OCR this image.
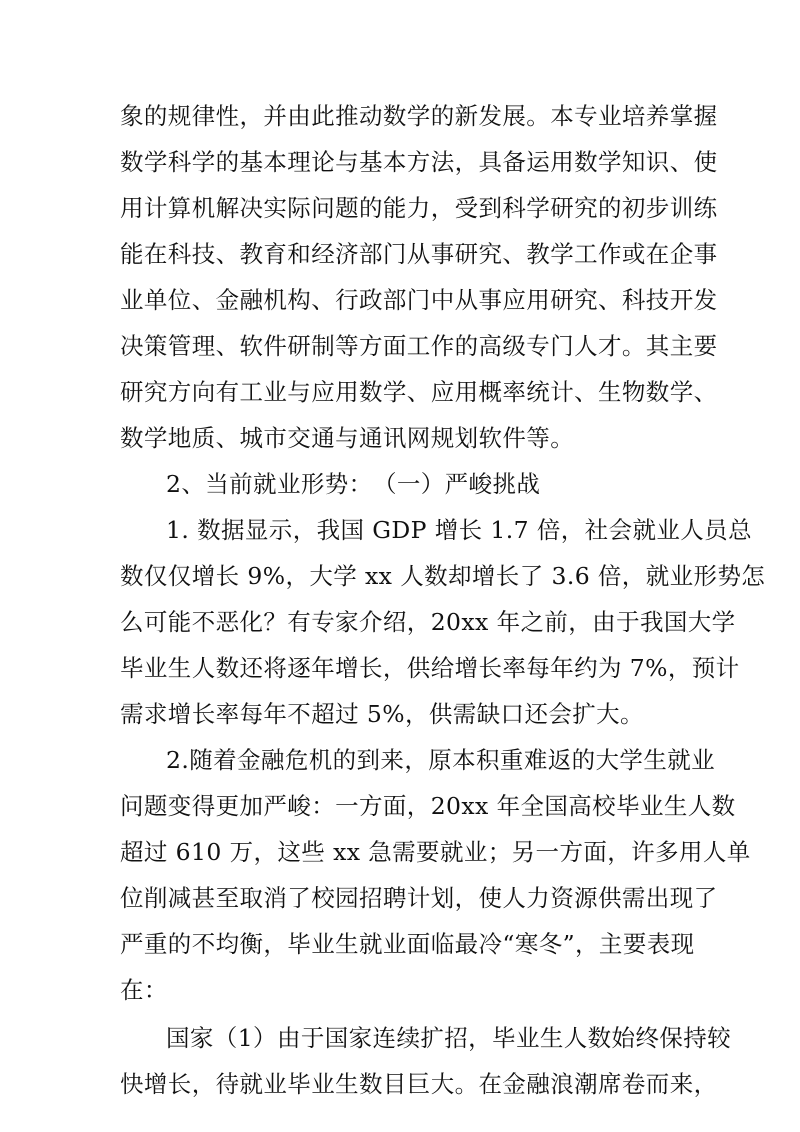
象的规律性，并由此推动数学的新发展。本专业培养掌握
数学科学的基本理论与基本方法，具备运用数学知识、使
用计算机解决实际问题的能力，受到科学研究的初步训练
能在科技、教育和经济部门从事研究、教学工作或在企事
业单位、金融机构、行政部门中从事应用研究、科技开发
决策管理、软件研制等方面工作的高级专门人才。其主要
研究方向有工业与应用数学、应用概率统计、生物数学、
数学地质、城市交通与通讯网规划软件等。
2、当前就业形势：　（一）严峻挑战
1. 数据显示，我国 GDP 增长 1.7 倍，社会就业人员总
数仅仅增长 9%，大学 xx 人数却增长了 3.6 倍，就业形势怎
么可能不恶化？有专家介绍，20xx 年之前，由于我国大学
毕业生人数还将逐年增长，供给增长率每年约为 7%，预计
需求增长率每年不超过 5%，供需缺口还会扩大。
2.随着金融危机的到来，原本积重难返的大学生就业
问题变得更加严峻：一方面，20xx 年全国高校毕业生人数
超过 610 万，这些 xx 急需要就业；另一方面，许多用人单
位削减甚至取消了校园招聘计划，使人力资源供需出现了
严重的不均衡，毕业生就业面临最冷“寒冬”，主要表现
在：
国家（1）由于国家连续扩招，毕业生人数始终保持较
快增长，待就业毕业生数目巨大。在金融浪潮席卷而来，
